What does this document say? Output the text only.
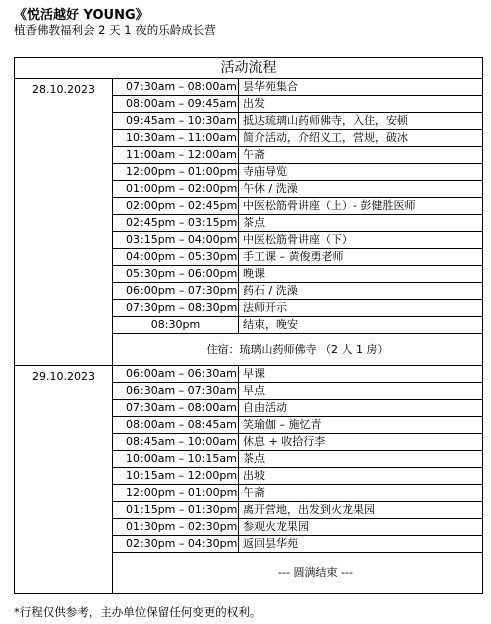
《悦活越好 YOUNG》
植香佛教福利会 2 天 1 夜的乐龄成长营
活动流程		
28.10.2023	07:30am – 08:00am	昙华苑集合
	08:00am – 09:45am	出发
	09:45am – 10:30am	抵达琉璃山药师佛寺，入住，安顿
	10:30am – 11:00am	简介活动，介绍义工，营规，破冰
	11:00am – 12:00am	午斋
	12:00pm – 01:00pm	寺庙导览
	01:00pm – 02:00pm	午休 / 洗澡
	02:00pm – 02:45pm	中医松筋骨讲座（上）- 彭健胜医师
	02:45pm – 03:15pm	茶点
	03:15pm – 04:00pm	中医松筋骨讲座（下）
	04:00pm – 05:30pm	手工课 – 黄俊勇老师
	05:30pm – 06:00pm	晚课
	06:00pm – 07:30pm	药石 / 洗澡
	07:30pm – 08:30pm	法师开示
	08:30pm	结束，晚安
	住宿：琉璃山药师佛寺 （2 人 1 房）	
29.10.2023	06:00am – 06:30am	早课
	06:30am – 07:30am	早点
	07:30am – 08:00am	自由活动
	08:00am – 08:45am	笑瑜伽 – 施忆青
	08:45am – 10:00am	休息 + 收拾行李
	10:00am – 10:15am	茶点
	10:15am – 12:00pm	出坡
	12:00pm – 01:00pm	午斋
	01:15pm – 01:30pm	离开营地，出发到火龙果园
	01:30pm – 02:30pm	参观火龙果园
	02:30pm – 04:30pm	返回昙华苑
	--- 圆满结束 ---	
*行程仅供参考，主办单位保留任何变更的权利。
